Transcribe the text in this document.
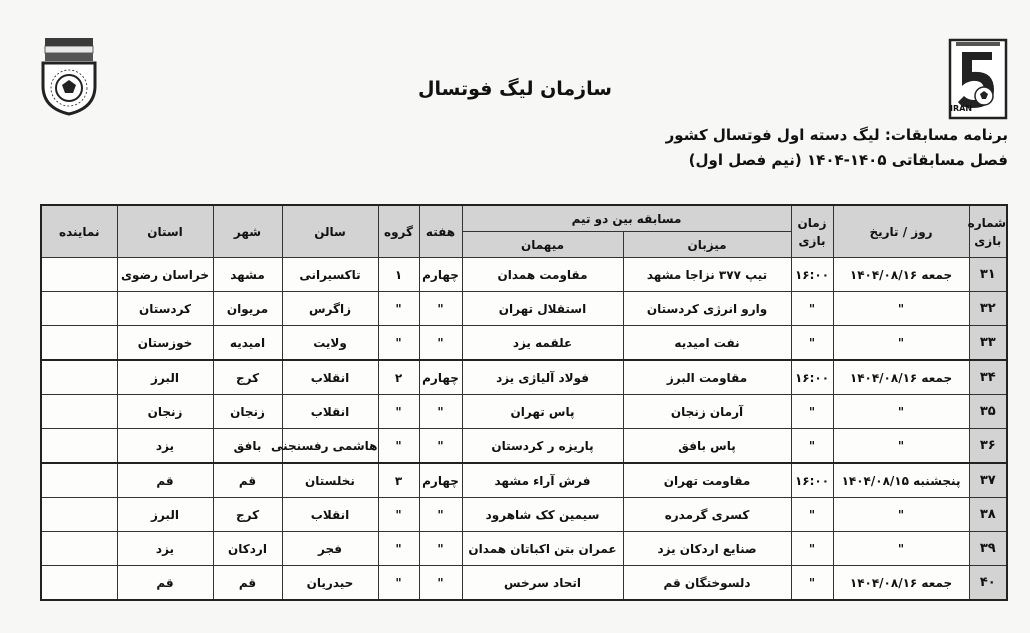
IRAN
سازمان لیگ فوتسال
برنامه مسابقات: لیگ دسته اول فوتسال کشور
فصل مسابقاتی ۱۴۰۵-۱۴۰۴ (نیم فصل اول)
شماره بازی	روز / تاریخ	زمان بازی	مسابقه بین دو تیم		هفته	گروه	سالن	شهر	استان	نماینده
			میزبان	میهمان						
۳۱	جمعه ۱۴۰۴/۰۸/۱۶	۱۶:۰۰	تیپ ۳۷۷ نزاجا مشهد	مقاومت همدان	چهارم	۱	تاکسیرانی	مشهد	خراسان رضوی	
۳۲	"	"	وارو انرژی کردستان	استقلال تهران	"	"	زاگرس	مریوان	کردستان	
۳۳	"	"	نفت امیدیه	علقمه یزد	"	"	ولایت	امیدیه	خوزستان	
۳۴	جمعه ۱۴۰۴/۰۸/۱۶	۱۶:۰۰	مقاومت البرز	فولاد آلیاژی یزد	چهارم	۲	انقلاب	کرج	البرز	
۳۵	"	"	آرمان زنجان	پاس تهران	"	"	انقلاب	زنجان	زنجان	
۳۶	"	"	پاس بافق	پاریزه ر کردستان	"	"	هاشمی رفسنجنی	بافق	یزد	
۳۷	پنجشنبه ۱۴۰۴/۰۸/۱۵	۱۶:۰۰	مقاومت تهران	فرش آراء مشهد	چهارم	۳	نخلستان	قم	قم	
۳۸	"	"	کسری گرمدره	سیمین کک شاهرود	"	"	انقلاب	کرج	البرز	
۳۹	"	"	صنایع اردکان یزد	عمران بتن اکباتان همدان	"	"	فجر	اردکان	یزد	
۴۰	جمعه ۱۴۰۴/۰۸/۱۶	"	دلسوختگان قم	اتحاد سرخس	"	"	حیدریان	قم	قم	
